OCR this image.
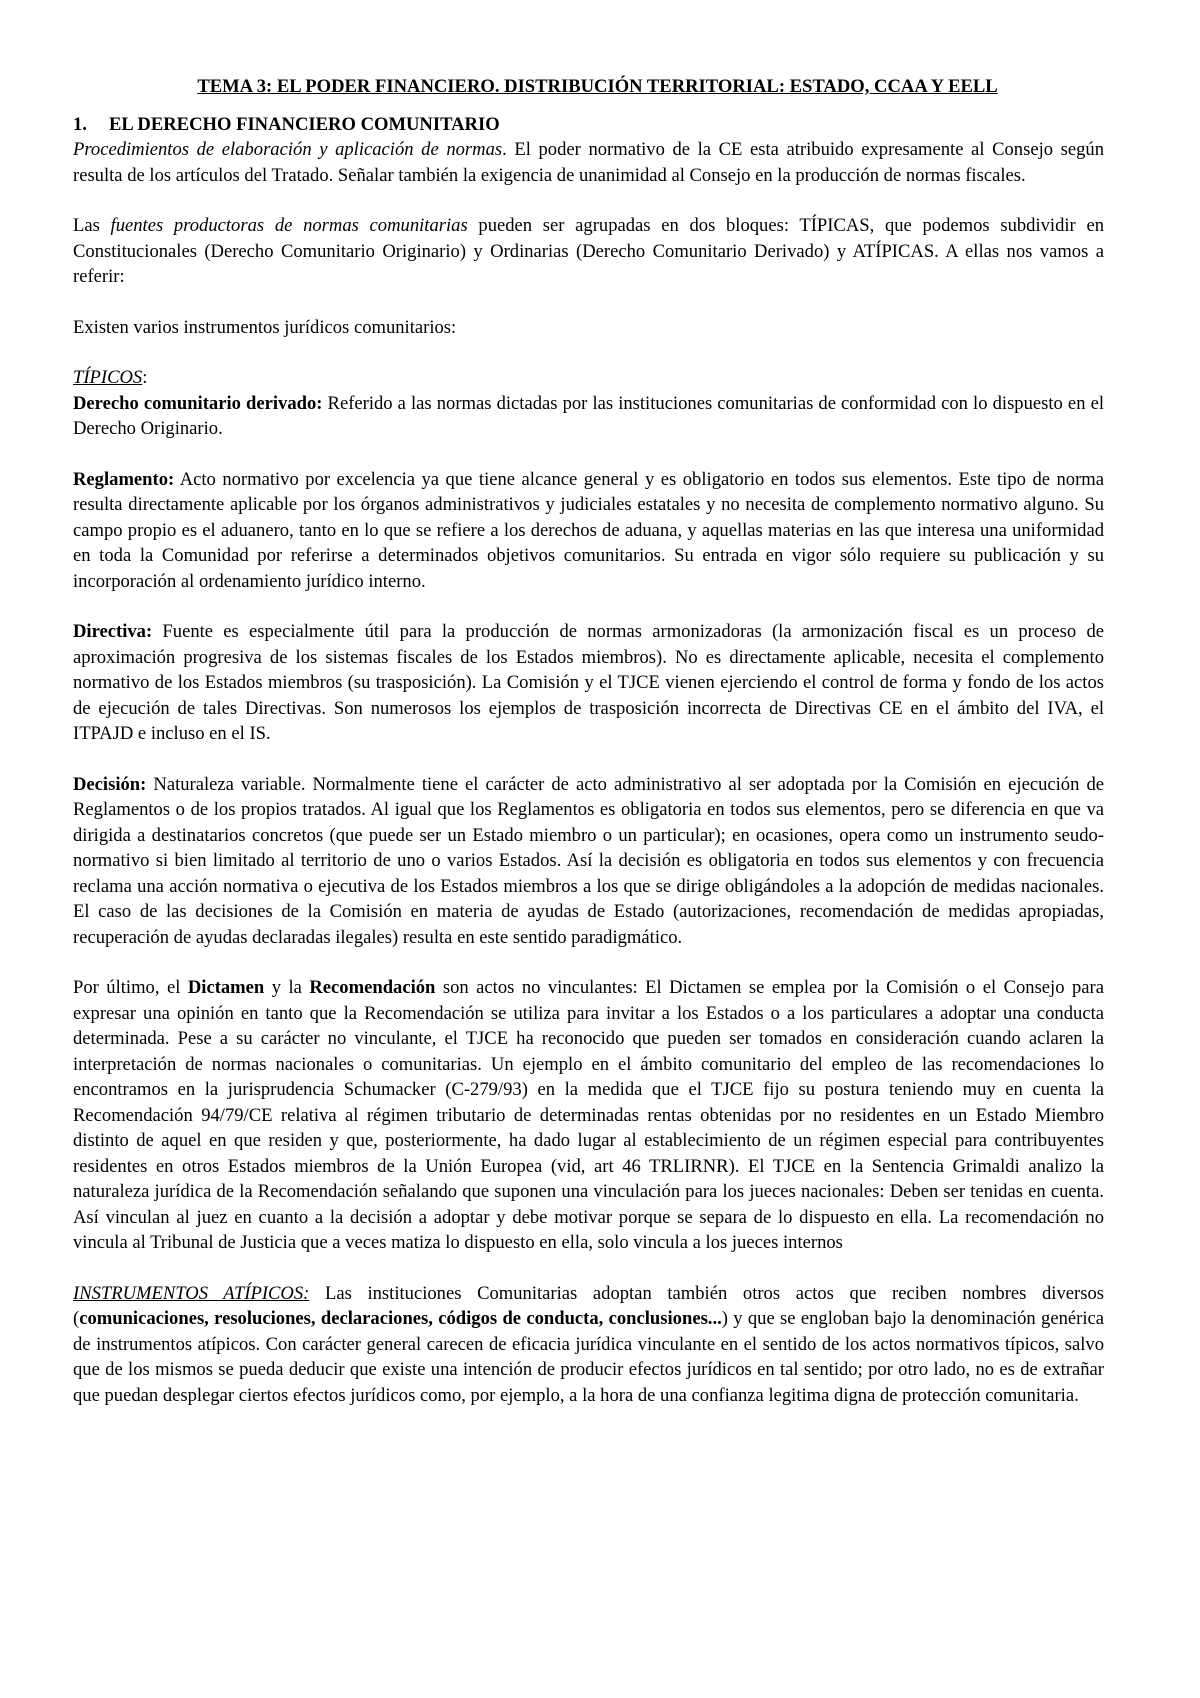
TEMA 3: EL PODER FINANCIERO. DISTRIBUCIÓN TERRITORIAL: ESTADO, CCAA Y EELL
1. EL DERECHO FINANCIERO COMUNITARIO

Procedimientos de elaboración y aplicación de normas. El poder normativo de la CE esta atribuido expresamente al Consejo según resulta de los artículos del Tratado. Señalar también la exigencia de unanimidad al Consejo en la producción de normas fiscales.

Las fuentes productoras de normas comunitarias pueden ser agrupadas en dos bloques: TÍPICAS, que podemos subdividir en Constitucionales (Derecho Comunitario Originario) y Ordinarias (Derecho Comunitario Derivado) y ATÍPICAS. A ellas nos vamos a referir:

Existen varios instrumentos jurídicos comunitarios:

TÍPICOS:

Derecho comunitario derivado: Referido a las normas dictadas por las instituciones comunitarias de conformidad con lo dispuesto en el Derecho Originario.

Reglamento: Acto normativo por excelencia ya que tiene alcance general y es obligatorio en todos sus elementos. Este tipo de norma resulta directamente aplicable por los órganos administrativos y judiciales estatales y no necesita de complemento normativo alguno. Su campo propio es el aduanero, tanto en lo que se refiere a los derechos de aduana, y aquellas materias en las que interesa una uniformidad en toda la Comunidad por referirse a determinados objetivos comunitarios. Su entrada en vigor sólo requiere su publicación y su incorporación al ordenamiento jurídico interno.

Directiva: Fuente es especialmente útil para la producción de normas armonizadoras (la armonización fiscal es un proceso de aproximación progresiva de los sistemas fiscales de los Estados miembros). No es directamente aplicable, necesita el complemento normativo de los Estados miembros (su trasposición). La Comisión y el TJCE vienen ejerciendo el control de forma y fondo de los actos de ejecución de tales Directivas. Son numerosos los ejemplos de trasposición incorrecta de Directivas CE en el ámbito del IVA, el ITPAJD e incluso en el IS.

Decisión: Naturaleza variable. Normalmente tiene el carácter de acto administrativo al ser adoptada por la Comisión en ejecución de Reglamentos o de los propios tratados. Al igual que los Reglamentos es obligatoria en todos sus elementos, pero se diferencia en que va dirigida a destinatarios concretos (que puede ser un Estado miembro o un particular); en ocasiones, opera como un instrumento seudo-normativo si bien limitado al territorio de uno o varios Estados. Así la decisión es obligatoria en todos sus elementos y con frecuencia reclama una acción normativa o ejecutiva de los Estados miembros a los que se dirige obligándoles a la adopción de medidas nacionales. El caso de las decisiones de la Comisión en materia de ayudas de Estado (autorizaciones, recomendación de medidas apropiadas, recuperación de ayudas declaradas ilegales) resulta en este sentido paradigmático.

Por último, el Dictamen y la Recomendación son actos no vinculantes: El Dictamen se emplea por la Comisión o el Consejo para expresar una opinión en tanto que la Recomendación se utiliza para invitar a los Estados o a los particulares a adoptar una conducta determinada. Pese a su carácter no vinculante, el TJCE ha reconocido que pueden ser tomados en consideración cuando aclaren la interpretación de normas nacionales o comunitarias. Un ejemplo en el ámbito comunitario del empleo de las recomendaciones lo encontramos en la jurisprudencia Schumacker (C-279/93) en la medida que el TJCE fijo su postura teniendo muy en cuenta la Recomendación 94/79/CE relativa al régimen tributario de determinadas rentas obtenidas por no residentes en un Estado Miembro distinto de aquel en que residen y que, posteriormente, ha dado lugar al establecimiento de un régimen especial para contribuyentes residentes en otros Estados miembros de la Unión Europea (vid, art 46 TRLIRNR). El TJCE en la Sentencia Grimaldi analizo la naturaleza jurídica de la Recomendación señalando que suponen una vinculación para los jueces nacionales: Deben ser tenidas en cuenta. Así vinculan al juez en cuanto a la decisión a adoptar y debe motivar porque se separa de lo dispuesto en ella. La recomendación no vincula al Tribunal de Justicia que a veces matiza lo dispuesto en ella, solo vincula a los jueces internos

INSTRUMENTOS ATÍPICOS: Las instituciones Comunitarias adoptan también otros actos que reciben nombres diversos (comunicaciones, resoluciones, declaraciones, códigos de conducta, conclusiones...) y que se engloban bajo la denominación genérica de instrumentos atípicos. Con carácter general carecen de eficacia jurídica vinculante en el sentido de los actos normativos típicos, salvo que de los mismos se pueda deducir que existe una intención de producir efectos jurídicos en tal sentido; por otro lado, no es de extrañar que puedan desplegar ciertos efectos jurídicos como, por ejemplo, a la hora de una confianza legitima digna de protección comunitaria.
